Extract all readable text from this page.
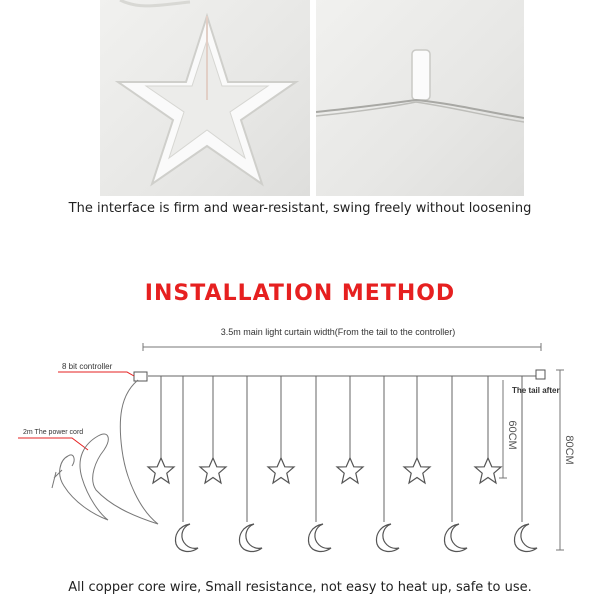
The interface is firm and wear-resistant, swing freely without loosening
INSTALLATION METHOD
3.5m main light curtain width(From the tail to the controller)
8 bit controller
2m The power cord
The tail after
60CM
80CM
All copper core wire, Small resistance, not easy to heat up, safe to use.
